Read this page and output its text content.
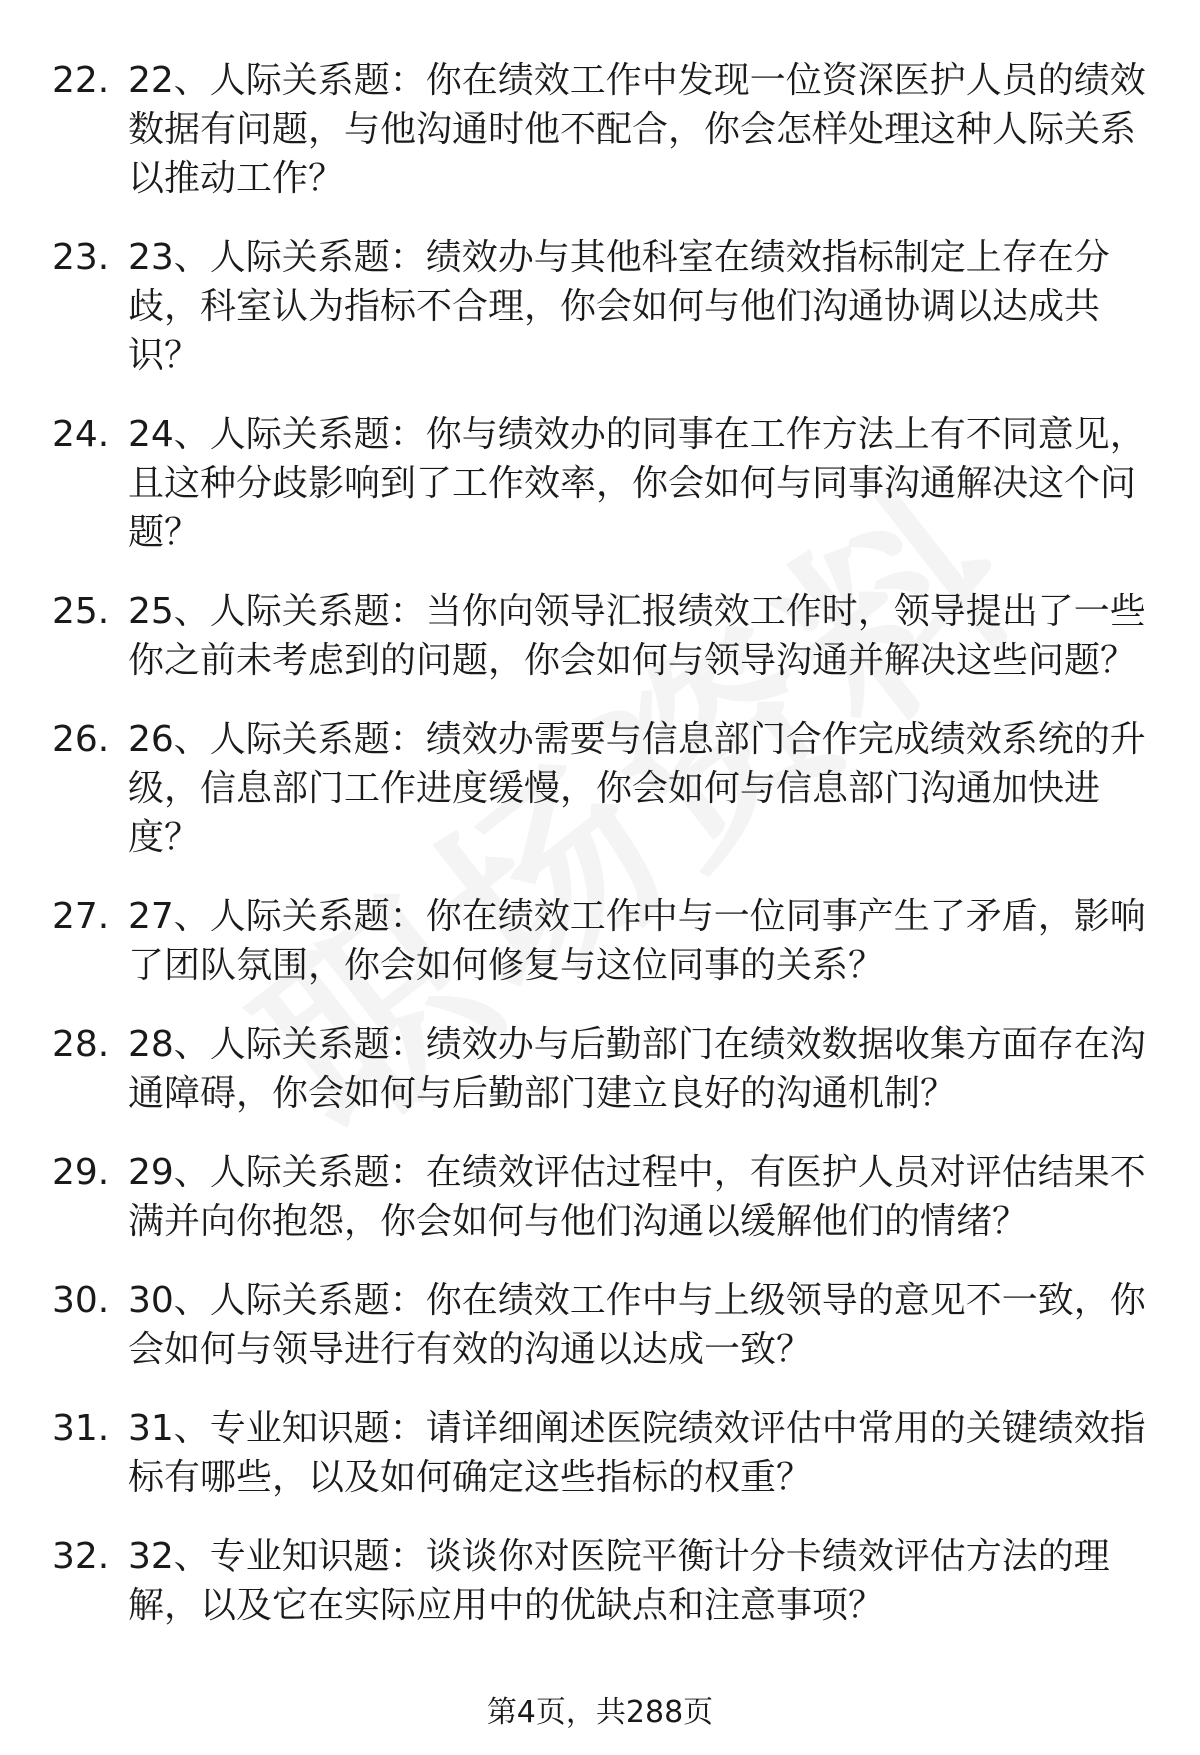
22. 22、人际关系题：你在绩效工作中发现一位资深医护人员的绩效数据有问题，与他沟通时他不配合，你会怎样处理这种人际关系以推动工作？
23. 23、人际关系题：绩效办与其他科室在绩效指标制定上存在分歧，科室认为指标不合理，你会如何与他们沟通协调以达成共识？
24. 24、人际关系题：你与绩效办的同事在工作方法上有不同意见，且这种分歧影响到了工作效率，你会如何与同事沟通解决这个问题？
25. 25、人际关系题：当你向领导汇报绩效工作时，领导提出了一些你之前未考虑到的问题，你会如何与领导沟通并解决这些问题？
26. 26、人际关系题：绩效办需要与信息部门合作完成绩效系统的升级，信息部门工作进度缓慢，你会如何与信息部门沟通加快进度？
27. 27、人际关系题：你在绩效工作中与一位同事产生了矛盾，影响了团队氛围，你会如何修复与这位同事的关系？
28. 28、人际关系题：绩效办与后勤部门在绩效数据收集方面存在沟通障碍，你会如何与后勤部门建立良好的沟通机制？
29. 29、人际关系题：在绩效评估过程中，有医护人员对评估结果不满并向你抱怨，你会如何与他们沟通以缓解他们的情绪？
30. 30、人际关系题：你在绩效工作中与上级领导的意见不一致，你会如何与领导进行有效的沟通以达成一致？
31. 31、专业知识题：请详细阐述医院绩效评估中常用的关键绩效指标有哪些，以及如何确定这些指标的权重？
32. 32、专业知识题：谈谈你对医院平衡计分卡绩效评估方法的理解，以及它在实际应用中的优缺点和注意事项？
第4页，共288页
